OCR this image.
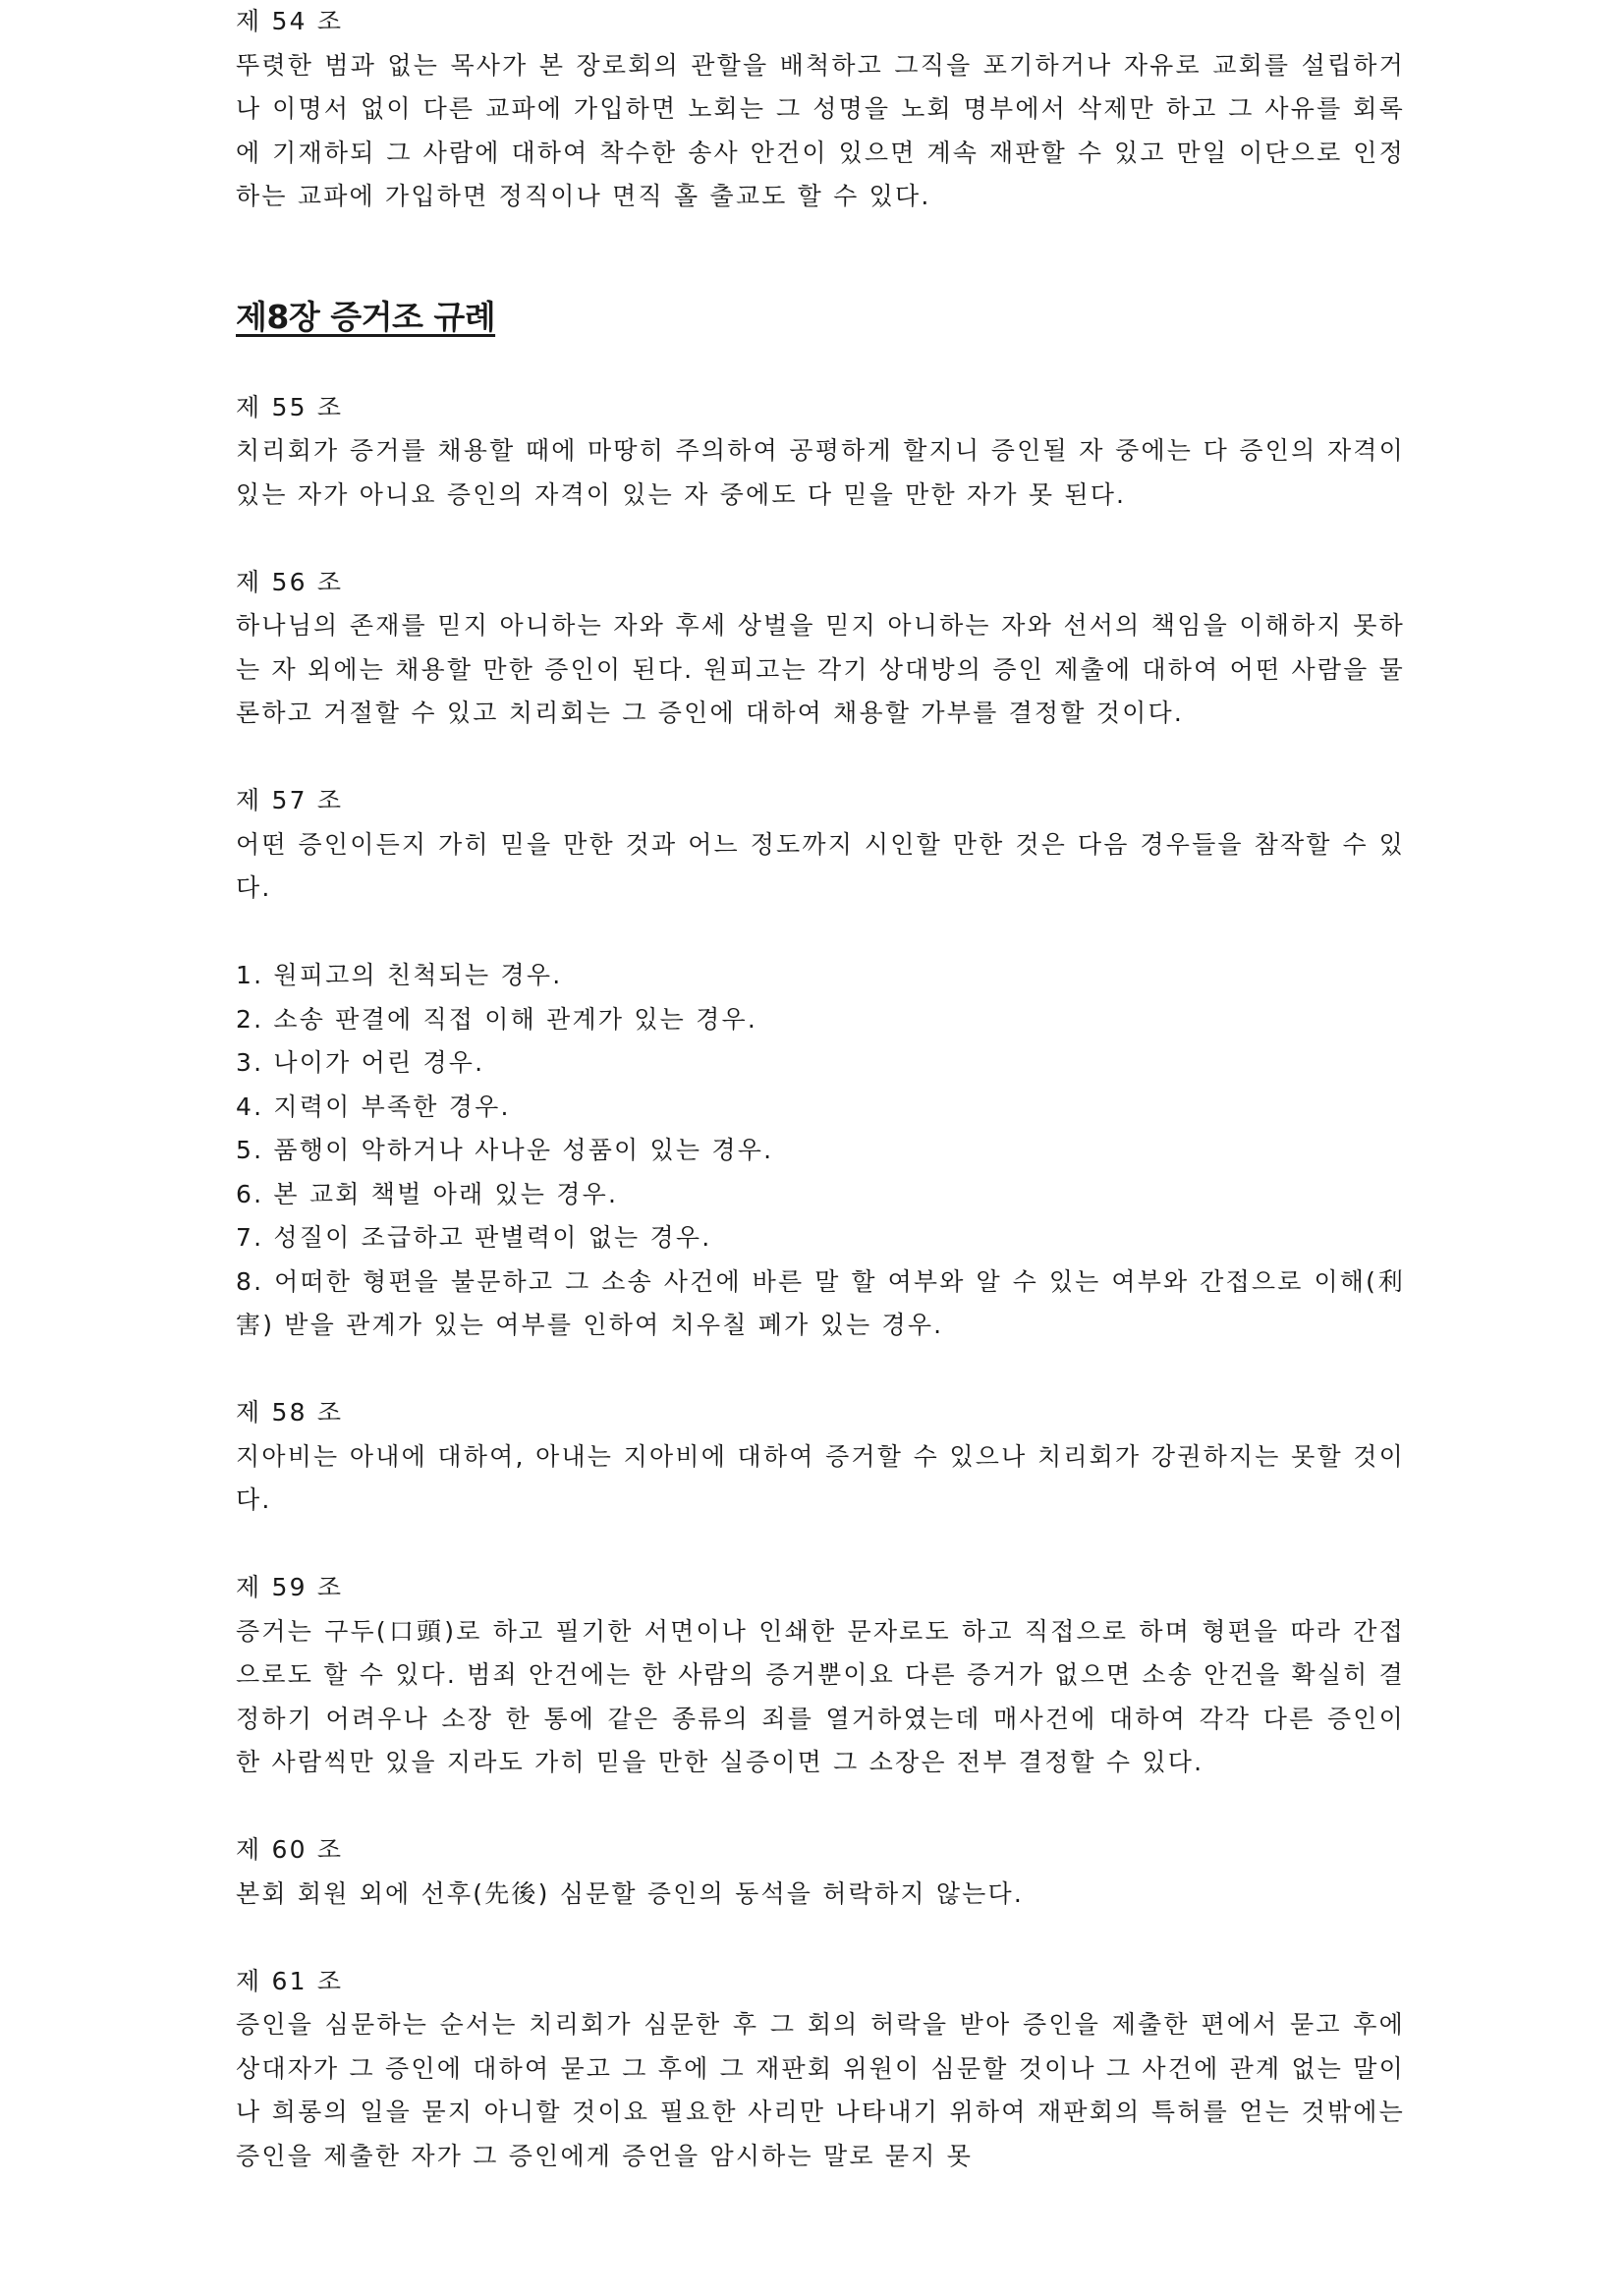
제 54 조

뚜렷한 범과 없는 목사가 본 장로회의 관할을 배척하고 그직을 포기하거나 자유로 교회를 설립하거나 이명서 없이 다른 교파에 가입하면 노회는 그 성명을 노회 명부에서 삭제만 하고 그 사유를 회록에 기재하되 그 사람에 대하여 착수한 송사 안건이 있으면 계속 재판할 수 있고 만일 이단으로 인정하는 교파에 가입하면 정직이나 면직 홀 출교도 할 수 있다.

제8장 증거조 규례

제 55 조

치리회가 증거를 채용할 때에 마땅히 주의하여 공평하게 할지니 증인될 자 중에는 다 증인의 자격이 있는 자가 아니요 증인의 자격이 있는 자 중에도 다 믿을 만한 자가 못 된다.

제 56 조

하나님의 존재를 믿지 아니하는 자와 후세 상벌을 믿지 아니하는 자와 선서의 책임을 이해하지 못하는 자 외에는 채용할 만한 증인이 된다. 원피고는 각기 상대방의 증인 제출에 대하여 어떤 사람을 물론하고 거절할 수 있고 치리회는 그 증인에 대하여 채용할 가부를 결정할 것이다.

제 57 조

어떤 증인이든지 가히 믿을 만한 것과 어느 정도까지 시인할 만한 것은 다음 경우들을 참작할 수 있다.

1. 원피고의 친척되는 경우.
2. 소송 판결에 직접 이해 관계가 있는 경우.
3. 나이가 어린 경우.
4. 지력이 부족한 경우.
5. 품행이 악하거나 사나운 성품이 있는 경우.
6. 본 교회 책벌 아래 있는 경우.
7. 성질이 조급하고 판별력이 없는 경우.
8. 어떠한 형편을 불문하고 그 소송 사건에 바른 말 할 여부와 알 수 있는 여부와 간접으로 이해(利害) 받을 관계가 있는 여부를 인하여 치우칠 폐가 있는 경우.

제 58 조

지아비는 아내에 대하여, 아내는 지아비에 대하여 증거할 수 있으나 치리회가 강권하지는 못할 것이다.

제 59 조

증거는 구두(口頭)로 하고 필기한 서면이나 인쇄한 문자로도 하고 직접으로 하며 형편을 따라 간접으로도 할 수 있다. 범죄 안건에는 한 사람의 증거뿐이요 다른 증거가 없으면 소송 안건을 확실히 결정하기 어려우나 소장 한 통에 같은 종류의 죄를 열거하였는데 매사건에 대하여 각각 다른 증인이 한 사람씩만 있을 지라도 가히 믿을 만한 실증이면 그 소장은 전부 결정할 수 있다.

제 60 조

본회 회원 외에 선후(先後) 심문할 증인의 동석을 허락하지 않는다.

제 61 조

증인을 심문하는 순서는 치리회가 심문한 후 그 회의 허락을 받아 증인을 제출한 편에서 묻고 후에 상대자가 그 증인에 대하여 묻고 그 후에 그 재판회 위원이 심문할 것이나 그 사건에 관계 없는 말이나 희롱의 일을 묻지 아니할 것이요 필요한 사리만 나타내기 위하여 재판회의 특허를 얻는 것밖에는 증인을 제출한 자가 그 증인에게 증언을 암시하는 말로 묻지 못
